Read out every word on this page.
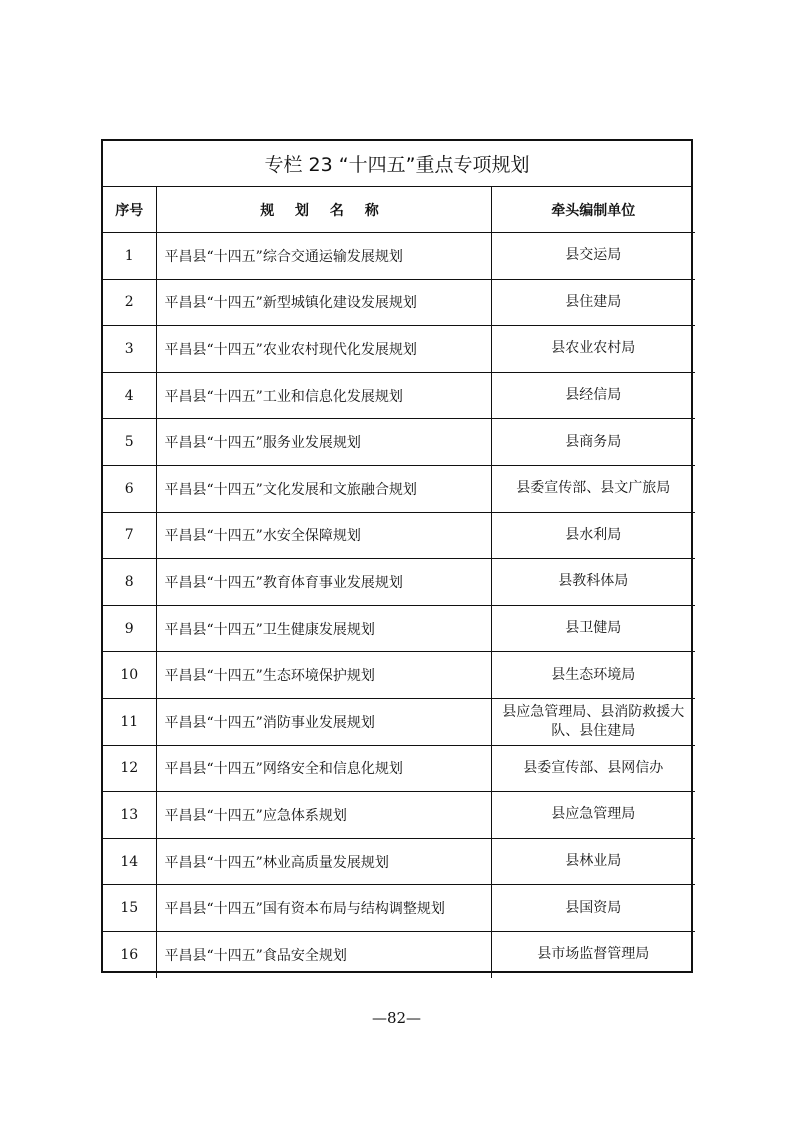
专栏 23 “十四五”重点专项规划
序号	规 划 名 称	牵头编制单位
1	平昌县“十四五”综合交通运输发展规划	县交运局
2	平昌县“十四五”新型城镇化建设发展规划	县住建局
3	平昌县“十四五”农业农村现代化发展规划	县农业农村局
4	平昌县“十四五”工业和信息化发展规划	县经信局
5	平昌县“十四五”服务业发展规划	县商务局
6	平昌县“十四五”文化发展和文旅融合规划	县委宣传部、县文广旅局
7	平昌县“十四五”水安全保障规划	县水利局
8	平昌县“十四五”教育体育事业发展规划	县教科体局
9	平昌县“十四五”卫生健康发展规划	县卫健局
10	平昌县“十四五”生态环境保护规划	县生态环境局
11	平昌县“十四五”消防事业发展规划	县应急管理局、县消防救援大队、县住建局
12	平昌县“十四五”网络安全和信息化规划	县委宣传部、县网信办
13	平昌县“十四五”应急体系规划	县应急管理局
14	平昌县“十四五”林业高质量发展规划	县林业局
15	平昌县“十四五”国有资本布局与结构调整规划	县国资局
16	平昌县“十四五”食品安全规划	县市场监督管理局
—82—
